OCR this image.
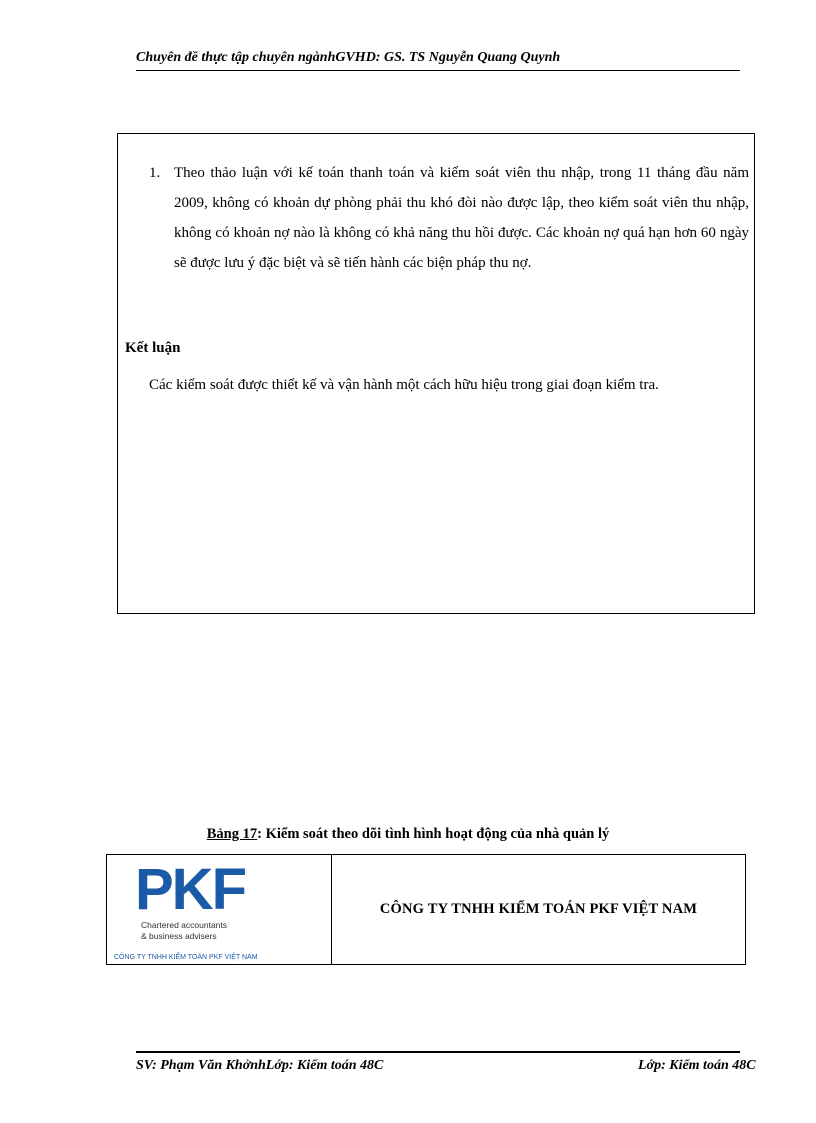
Chuyên đề thực tập chuyên ngànhGVHD: GS. TS Nguyễn Quang Quynh
1. Theo thảo luận với kế toán thanh toán và kiểm soát viên thu nhập, trong 11 tháng đầu năm 2009, không có khoản dự phòng phải thu khó đòi nào được lập, theo kiểm soát viên thu nhập, không có khoản nợ nào là không có khả năng thu hồi được. Các khoản nợ quá hạn hơn 60 ngày sẽ được lưu ý đặc biệt và sẽ tiến hành các biện pháp thu nợ.
Kết luận
Các kiểm soát được thiết kế và vận hành một cách hữu hiệu trong giai đoạn kiểm tra.
Bảng 17: Kiểm soát theo dõi tình hình hoạt động của nhà quản lý
PKF
Chartered accountants
& business advisers
CÔNG TY TNHH KIỂM TOÁN PKF VIỆT NAM
CÔNG TY TNHH KIỂM TOÁN PKF VIỆT NAM
SV: Phạm Văn KhởnhLớp: Kiểm toán 48C	Lớp: Kiểm toán 48C
